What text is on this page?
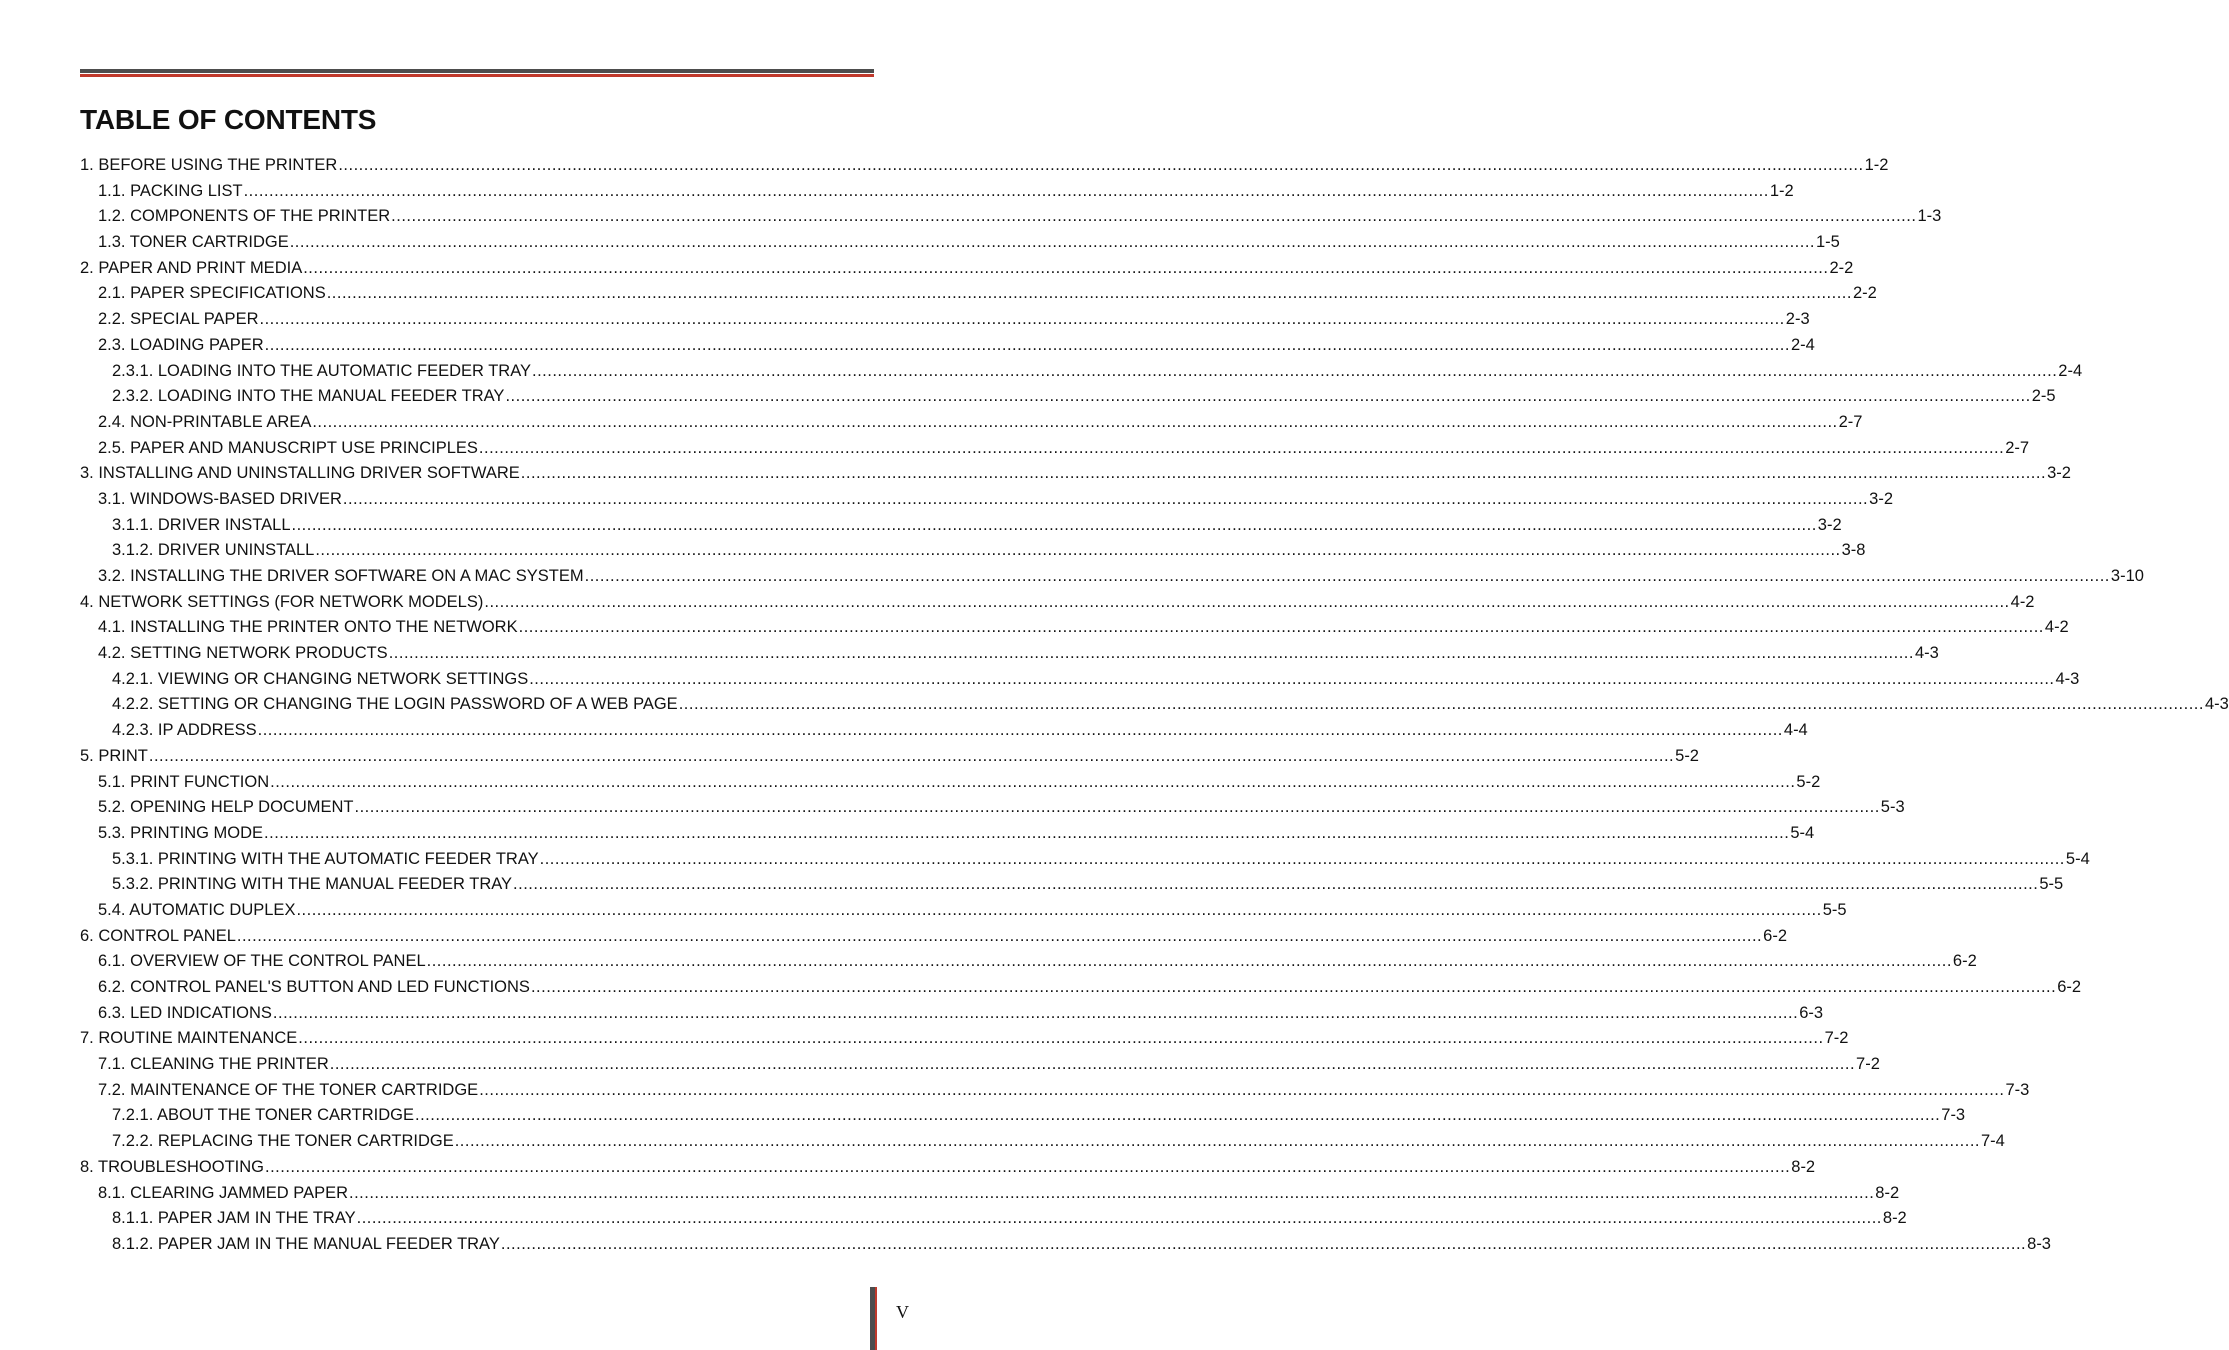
TABLE OF CONTENTS
1. BEFORE USING THE PRINTER ............................................................................................................................................................................................................................................................................................................ 1-2
1.1. PACKING LIST ............................................................................................................................................................................................................................................................................................................ 1-2
1.2. COMPONENTS OF THE PRINTER ............................................................................................................................................................................................................................................................................................................ 1-3
1.3. TONER CARTRIDGE ............................................................................................................................................................................................................................................................................................................ 1-5
2. PAPER AND PRINT MEDIA ............................................................................................................................................................................................................................................................................................................ 2-2
2.1. PAPER SPECIFICATIONS ............................................................................................................................................................................................................................................................................................................ 2-2
2.2. SPECIAL PAPER ............................................................................................................................................................................................................................................................................................................ 2-3
2.3. LOADING PAPER ............................................................................................................................................................................................................................................................................................................ 2-4
2.3.1. LOADING INTO THE AUTOMATIC FEEDER TRAY ............................................................................................................................................................................................................................................................................................................ 2-4
2.3.2. LOADING INTO THE MANUAL FEEDER TRAY ............................................................................................................................................................................................................................................................................................................ 2-5
2.4. NON-PRINTABLE AREA ............................................................................................................................................................................................................................................................................................................ 2-7
2.5. PAPER AND MANUSCRIPT USE PRINCIPLES ............................................................................................................................................................................................................................................................................................................ 2-7
3. INSTALLING AND UNINSTALLING DRIVER SOFTWARE ............................................................................................................................................................................................................................................................................................................ 3-2
3.1. WINDOWS-BASED DRIVER ............................................................................................................................................................................................................................................................................................................ 3-2
3.1.1. DRIVER INSTALL ............................................................................................................................................................................................................................................................................................................ 3-2
3.1.2. DRIVER UNINSTALL ............................................................................................................................................................................................................................................................................................................ 3-8
3.2. INSTALLING THE DRIVER SOFTWARE ON A MAC SYSTEM ............................................................................................................................................................................................................................................................................................................ 3-10
4. NETWORK SETTINGS (FOR NETWORK MODELS) ............................................................................................................................................................................................................................................................................................................ 4-2
4.1. INSTALLING THE PRINTER ONTO THE NETWORK ............................................................................................................................................................................................................................................................................................................ 4-2
4.2. SETTING NETWORK PRODUCTS ............................................................................................................................................................................................................................................................................................................ 4-3
4.2.1. VIEWING OR CHANGING NETWORK SETTINGS ............................................................................................................................................................................................................................................................................................................ 4-3
4.2.2. SETTING OR CHANGING THE LOGIN PASSWORD OF A WEB PAGE ............................................................................................................................................................................................................................................................................................................ 4-3
4.2.3. IP ADDRESS ............................................................................................................................................................................................................................................................................................................ 4-4
5. PRINT ............................................................................................................................................................................................................................................................................................................ 5-2
5.1. PRINT FUNCTION ............................................................................................................................................................................................................................................................................................................ 5-2
5.2. OPENING HELP DOCUMENT ............................................................................................................................................................................................................................................................................................................ 5-3
5.3. PRINTING MODE ............................................................................................................................................................................................................................................................................................................ 5-4
5.3.1. PRINTING WITH THE AUTOMATIC FEEDER TRAY ............................................................................................................................................................................................................................................................................................................ 5-4
5.3.2. PRINTING WITH THE MANUAL FEEDER TRAY ............................................................................................................................................................................................................................................................................................................ 5-5
5.4. AUTOMATIC DUPLEX ............................................................................................................................................................................................................................................................................................................ 5-5
6. CONTROL PANEL ............................................................................................................................................................................................................................................................................................................ 6-2
6.1. OVERVIEW OF THE CONTROL PANEL ............................................................................................................................................................................................................................................................................................................ 6-2
6.2. CONTROL PANEL'S BUTTON AND LED FUNCTIONS ............................................................................................................................................................................................................................................................................................................ 6-2
6.3. LED INDICATIONS ............................................................................................................................................................................................................................................................................................................ 6-3
7. ROUTINE MAINTENANCE ............................................................................................................................................................................................................................................................................................................ 7-2
7.1. CLEANING THE PRINTER ............................................................................................................................................................................................................................................................................................................ 7-2
7.2. MAINTENANCE OF THE TONER CARTRIDGE ............................................................................................................................................................................................................................................................................................................ 7-3
7.2.1. ABOUT THE TONER CARTRIDGE ............................................................................................................................................................................................................................................................................................................ 7-3
7.2.2. REPLACING THE TONER CARTRIDGE ............................................................................................................................................................................................................................................................................................................ 7-4
8. TROUBLESHOOTING ............................................................................................................................................................................................................................................................................................................ 8-2
8.1. CLEARING JAMMED PAPER ............................................................................................................................................................................................................................................................................................................ 8-2
8.1.1. PAPER JAM IN THE TRAY ............................................................................................................................................................................................................................................................................................................ 8-2
8.1.2. PAPER JAM IN THE MANUAL FEEDER TRAY ............................................................................................................................................................................................................................................................................................................ 8-3
V
